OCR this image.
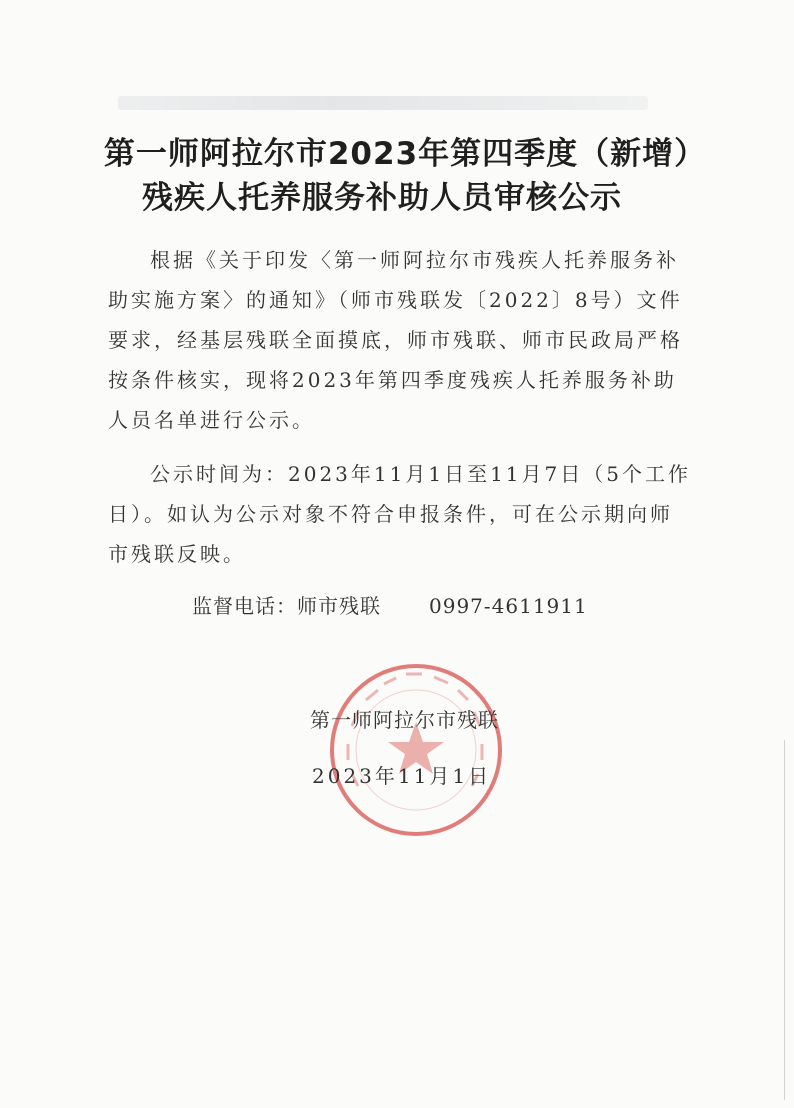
第一师阿拉尔市2023年第四季度（新增）
残疾人托养服务补助人员审核公示
根据《关于印发〈第一师阿拉尔市残疾人托养服务补助实施方案〉的通知》（师市残联发〔2022〕8号）文件要求，经基层残联全面摸底，师市残联、师市民政局严格按条件核实，现将2023年第四季度残疾人托养服务补助人员名单进行公示。
公示时间为：2023年11月1日至11月7日（5个工作日）。如认为公示对象不符合申报条件，可在公示期向师市残联反映。
监督电话：师市残联 0997-4611911
第一师阿拉尔市残联
2023年11月1日
